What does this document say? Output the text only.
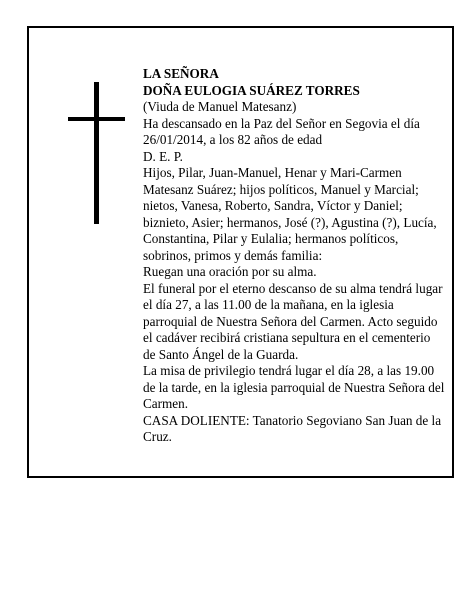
LA SEÑORA

DOÑA EULOGIA SUÁREZ TORRES

(Viuda de Manuel Matesanz)

Ha descansado en la Paz del Señor en Segovia el día 26/01/2014, a los 82 años de edad

D. E. P.

Hijos, Pilar, Juan-Manuel, Henar y Mari-Carmen Matesanz Suárez; hijos políticos, Manuel y Marcial; nietos, Vanesa, Roberto, Sandra, Víctor y Daniel; biznieto, Asier; hermanos, José (?), Agustina (?), Lucía, Constantina, Pilar y Eulalia; hermanos políticos, sobrinos, primos y demás familia:

Ruegan una oración por su alma.

El funeral por el eterno descanso de su alma tendrá lugar el día 27, a las 11.00 de la mañana, en la iglesia parroquial de Nuestra Señora del Carmen. Acto seguido el cadáver recibirá cristiana sepultura en el cementerio de Santo Ángel de la Guarda.

La misa de privilegio tendrá lugar el día 28, a las 19.00 de la tarde, en la iglesia parroquial de Nuestra Señora del Carmen.

CASA DOLIENTE: Tanatorio Segoviano San Juan de la Cruz.
